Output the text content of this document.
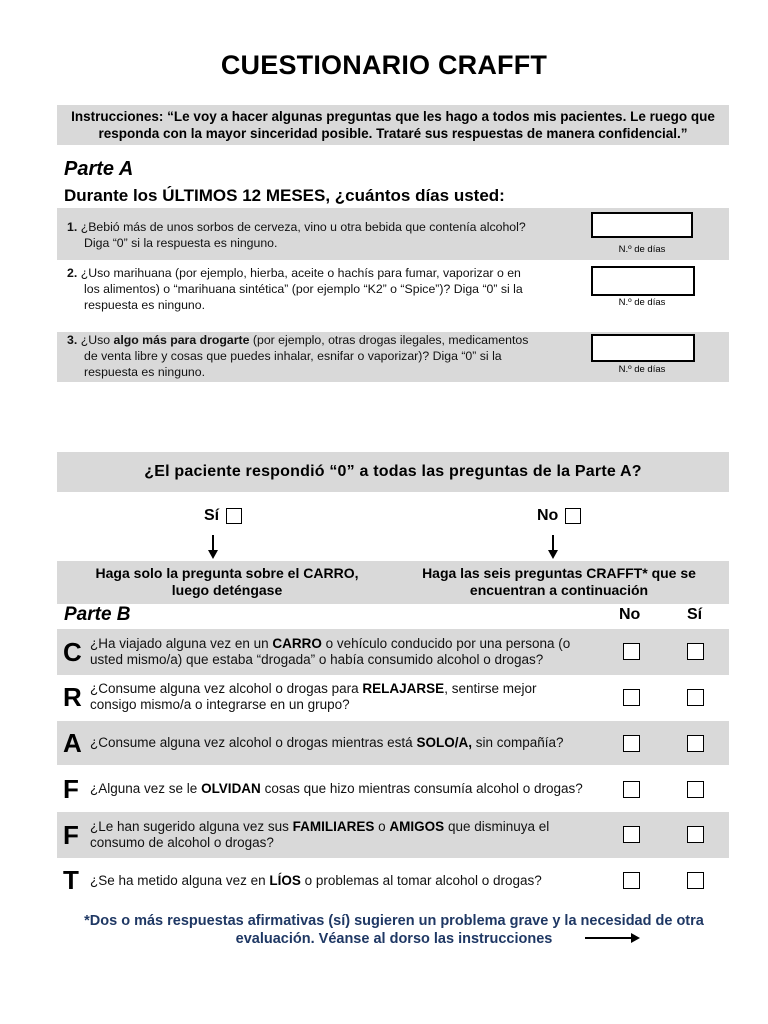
CUESTIONARIO CRAFFT
Instrucciones: “Le voy a hacer algunas preguntas que les hago a todos mis pacientes. Le ruego que
responda con la mayor sinceridad posible. Trataré sus respuestas de manera confidencial.”
Parte A
Durante los ÚLTIMOS 12 MESES, ¿cuántos días usted:
1. ¿Bebió más de unos sorbos de cerveza, vino u otra bebida que contenía alcohol?
Diga “0” si la respuesta es ninguno.	N.º de días
2. ¿Uso marihuana (por ejemplo, hierba, aceite o hachís para fumar, vaporizar o en
los alimentos) o “marihuana sintética” (por ejemplo “K2” o “Spice”)? Diga “0” si la
respuesta es ninguno.	N.º de días
3. ¿Uso algo más para drogarte (por ejemplo, otras drogas ilegales, medicamentos
de venta libre y cosas que puedes inhalar, esnifar o vaporizar)? Diga “0” si la
respuesta es ninguno.	N.º de días
¿El paciente respondió “0” a todas las preguntas de la Parte A?
Sí	No
Haga solo la pregunta sobre el CARRO,
luego deténgase
Haga las seis preguntas CRAFFT* que se
encuentran a continuación
Parte B	No	Sí
C ¿Ha viajado alguna vez en un CARRO o vehículo conducido por una persona (o
usted mismo/a) que estaba “drogada” o había consumido alcohol o drogas?
R ¿Consume alguna vez alcohol o drogas para RELAJARSE, sentirse mejor
consigo mismo/a o integrarse en un grupo?
A ¿Consume alguna vez alcohol o drogas mientras está SOLO/A, sin compañía?
F ¿Alguna vez se le OLVIDAN cosas que hizo mientras consumía alcohol o drogas?
F ¿Le han sugerido alguna vez sus FAMILIARES o AMIGOS que disminuya el
consumo de alcohol o drogas?
T ¿Se ha metido alguna vez en LÍOS o problemas al tomar alcohol o drogas?
*Dos o más respuestas afirmativas (sí) sugieren un problema grave y la necesidad de otra
evaluación. Véanse al dorso las instrucciones
